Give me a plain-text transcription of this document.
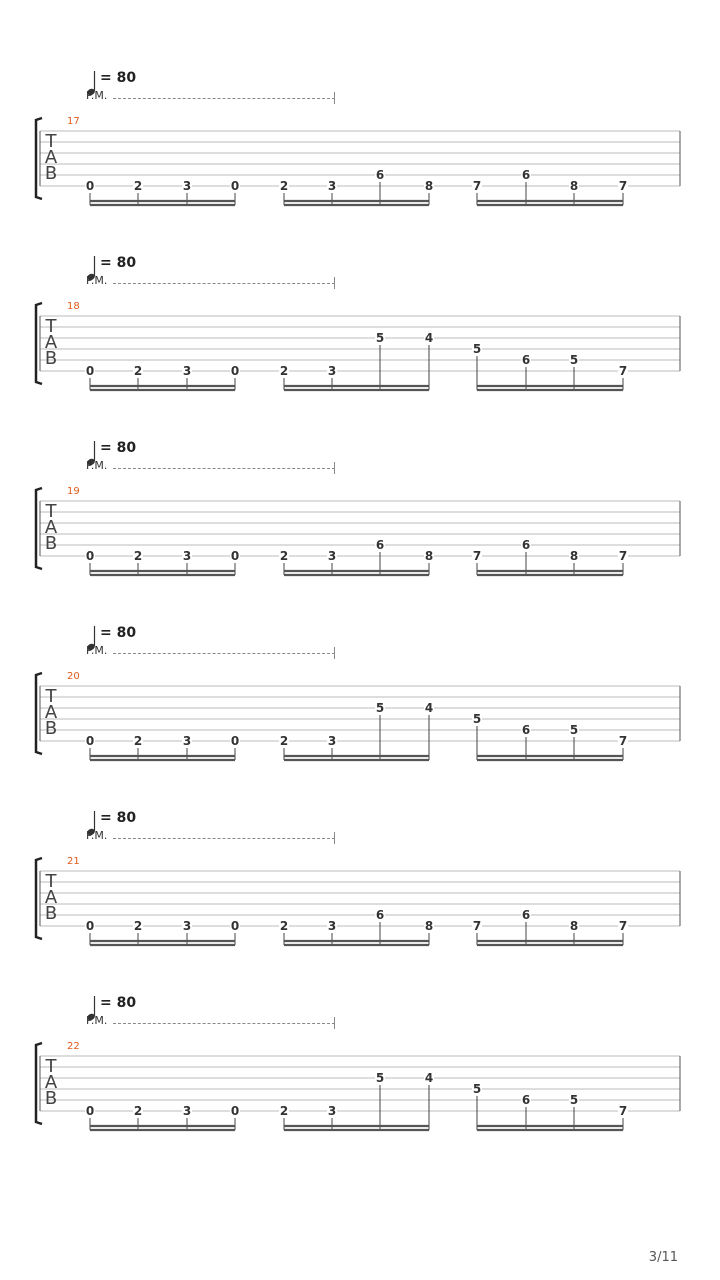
3/11
= 80
P.M.
17
T
A
B
0	2	3	0	2	3
6
8	7
6
8	7
= 80
P.M.
18
T
A
B
0	2	3	0	2	3
5	4
5
6	5
7
= 80
P.M.
19
T
A
B
0	2	3	0	2	3
6
8	7
6
8	7
= 80
P.M.
20
T
A
B
0	2	3	0	2	3
5	4
5
6	5
7
= 80
P.M.
21
T
A
B
0	2	3	0	2	3
6
8	7
6
8	7
= 80
P.M.
22
T
A
B
0	2	3	0	2	3
5	4
5
6	5
7
